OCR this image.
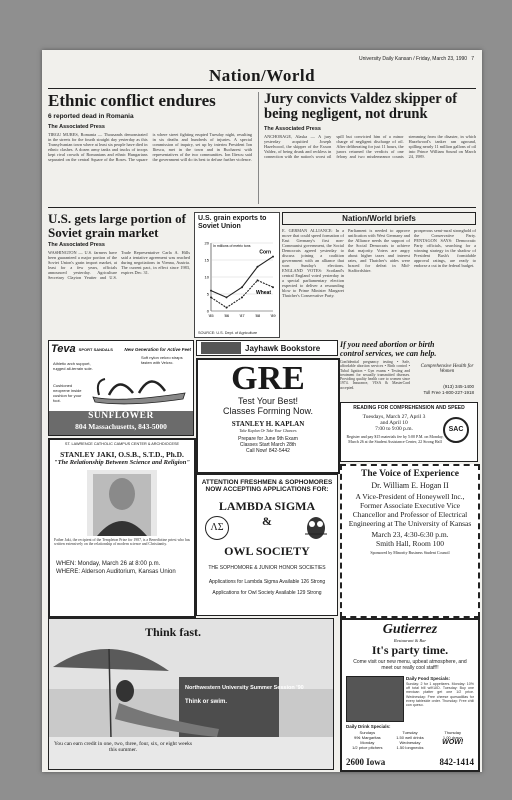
University Daily Kansan / Friday, March 23, 1990 7
Nation/World
Ethnic conflict endures
6 reported dead in Romania
The Associated Press
TIRGU MURES, Romania — Thousands demonstrated in the streets for the fourth straight day yesterday as this Transylvanian town where at least six people have died in ethnic clashes. A dozen army tanks and trucks of troops kept rival crowds of Romanians and ethnic Hungarians separated on the central Square of the Roses. The square is where street fighting erupted Tuesday night, resulting in six deaths and hundreds of injuries. A special commission of inquiry, set up by interim President Ion Iliescu, met in the town and in Bucharest with representatives of the two communities. Ion Iliescu said the government will do its best to defuse further violence.
Jury convicts Valdez skipper of being negligent, not drunk
The Associated Press
ANCHORAGE, Alaska — A jury yesterday acquitted Joseph Hazelwood, the skipper of the Exxon Valdez, of being drunk and reckless in connection with the nation's worst oil spill but convicted him of a minor charge of negligent discharge of oil. After deliberating for just 11 hours, the jurors returned the verdicts of one felony and two misdemeanor counts stemming from the disaster, in which Hazelwood's tanker ran aground, spilling nearly 11 million gallons of oil into Prince William Sound on March 24, 1989.
U.S. gets large portion of Soviet grain market
The Associated Press
WASHINGTON — U.S. farmers have been guaranteed a major portion of the Soviet Union's grain import market, at least for a few years, officials announced yesterday. Agriculture Secretary Clayton Yeutter and U.S. Trade Representative Carla A. Hills said a tentative agreement was reached during negotiations in Vienna, Austria. The current pact, in effect since 1983, expires Dec. 31.
U.S. grain exports to Soviet Union
0
5
10
15
20
'85	'86	'87	'88	'89
In millions of metric tons
Corn
Wheat
SOURCE: U.S. Dept. of Agriculture
Nation/World briefs
E. GERMAN ALLIANCE: In a move that could speed formation of East Germany's first non-Communist government, the Social Democrats agreed yesterday to discuss joining a coalition government with an alliance that won Sunday's elections. ENGLAND VOTES: Scotland's central England voted yesterday in a special parliamentary election expected to deliver a resounding blow to Prime Minister Margaret Thatcher's Conservative Party.
Parliament is needed to approve unification with West Germany and the Alliance needs the support of the Social Democrats to achieve that majority. Voters are angry about higher taxes and interest rates, and Thatcher's aides were braced for defeat in Mid-Staffordshire.
prosperous semi-rural stronghold of the Conservative Party. PENTAGON SAYS: Democratic Party officials, searching for a winning strategy in the shadow of President Bush's formidable approval ratings, are ready to endorse a cut in the federal budget.
Teva SPORT SANDALS	New Generation for Active Feet
Athletic arch support, rugged all-terrain sole.
Soft nylon velcro straps fasten with Velcro.
Cushioned neoprene inside cushion for your foot.
SUNFLOWER
804 Massachusetts, 843-5000
ST. LAWRENCE CATHOLIC CAMPUS CENTER & ARCHDIOCESE
STANLEY JAKI, O.S.B., S.T.D., Ph.D.
"The Relationship Between Science and Religion"
Father Jaki, the recipient of the Templeton Prize for 1987, is a Benedictine priest who has written extensively on the relationship of modern science and Christianity.
WHEN: Monday, March 26 at 8:00 p.m.
WHERE: Alderson Auditorium, Kansas Union
Jayhawk Bookstore
GRE
Test Your Best!
Classes Forming Now.
STANLEY H. KAPLAN
Take Kaplan Or Take Your Chances
Prepare for June 9th Exam
Classes Start March 28th
Call Now! 842-5442
ATTENTION FRESHMEN & SOPHOMORES
NOW ACCEPTING APPLICATIONS FOR:
LAMBDA SIGMA
ΛΣ	&
OWL SOCIETY
THE SOPHOMORE & JUNIOR HONOR SOCIETIES
Applications for Lambda Sigma Available 126 Strong
Applications for Owl Society Available 129 Strong
If you need abortion or birth
control services, we can help.
Confidential pregnancy testing • Safe, affordable abortion services • Birth control • Tubal ligation • Gyn exams • Testing and treatment for sexually transmitted diseases. Providing quality health care to women since 1974. Insurance, VISA & MasterCard accepted.
Comprehensive Health for Women
(913) 345-1400
Toll Free 1-800-227-1918
READING FOR COMPREHENSION AND SPEED
Tuesdays, March 27, April 3
and April 10
7:00 to 9:00 p.m.
Register and pay $15 materials fee by 5:00 P.M. on Monday, March 26 at the Student Assistance Center, 22 Strong Hall
SAC
The Voice of Experience
Dr. William E. Hogan II
A Vice-President of Honeywell Inc., Former Associate Executive Vice Chancellor and Professor of Electrical Engineering at The University of Kansas
March 23, 4:30-6:30 p.m.
Smith Hall, Room 100
Sponsored by Minority Business Student Council
Think fast.
Northwestern University Summer Session '90
Think or swim.
You can earn credit in one, two, three, four, six, or eight weeks this summer.
Gutierrez
Restaurant & Bar
It's party time.
Come visit our new menu, upbeat atmosphere, and meet our really cool staff!!
Daily Food Specials:
Sunday: 2 for 1 appetizers. Monday: 10% off total bill w/KUID. Tuesday: Buy one mexican platter get one 1/2 price. Wednesday: Free cheese quesadillas for every tableside order. Thursday: Free chili con queso.
Daily Drink Specials:
Sundays	Tuesday	Thursday
99¢ Margaritas	1.50 well drinks	1.00 draws
Monday	Wednesday	WOW!
1/2 price pitchers	1.50 longnecks
2600 Iowa	842-1414
